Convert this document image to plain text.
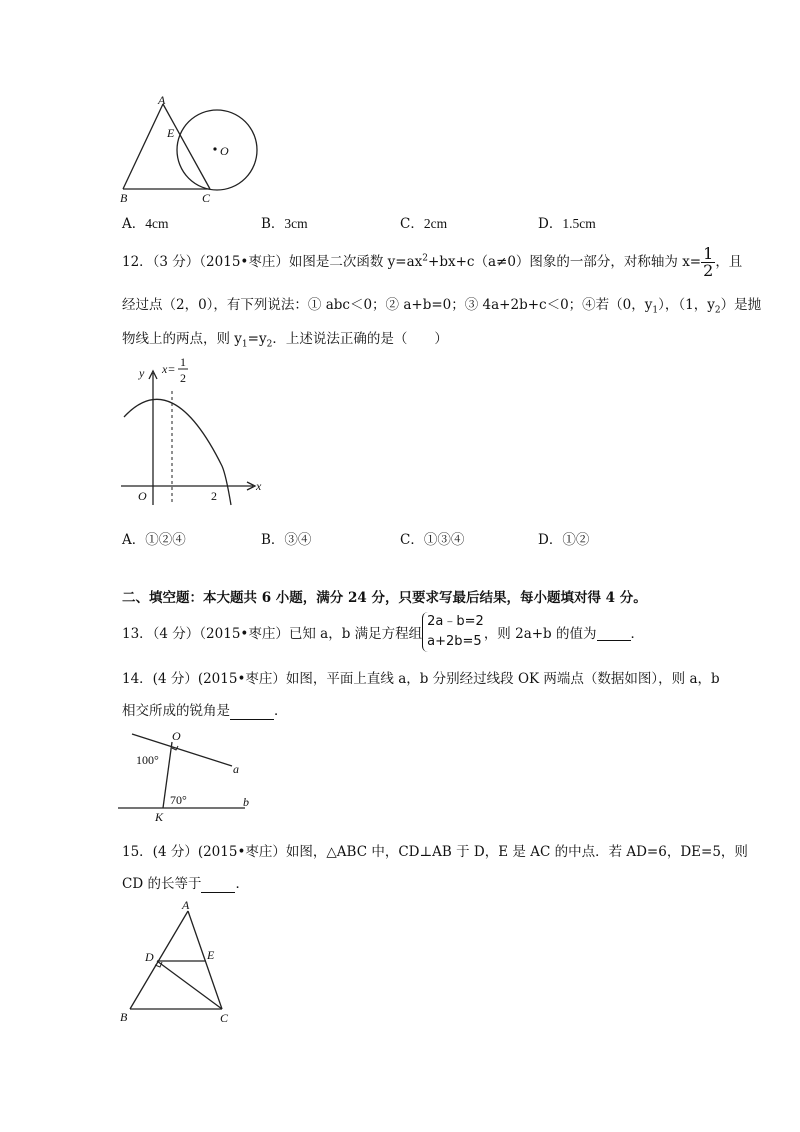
A
E
O
B	C
A．4cm	B．3cm	C．2cm	D．1.5cm
12．（3 分）（2015•枣庄）如图是二次函数 $y=ax^2+bx+c(a\ne 0)$图象的一部分，对称轴为 $x= \frac{1}{2}$ ，且
经过点（2，0），有下列说法：① abc＜0；② a+b=0；③ 4a+2b+c＜0；④若（0，$y_1$），（1，$y_2$）是抛
物线上的两点，则 $y_1=y_2$．上述说法正确的是（　　）
y
x
O	2
x= 1
2
A．①②④	B．③④	C．①③④	D．①②
二、填空题：本大题共 6 小题，满分 24 分，只要求写最后结果，每小题填对得 4 分。
13．（4 分）（2015•枣庄）已知 a，b 满足方程组
2a﹣b=2
a+2b=5 ，则 2a+b 的值为	．
14．(4 分）(2015•枣庄）如图，平面上直线 a，b 分别经过线段 OK 两端点（数据如图），则 a，b
相交所成的锐角是	．
O
100°
a
70°	b
K
15．(4 分）(2015•枣庄）如图，△ABC 中，CD⊥AB 于 D，E 是 AC 的中点．若 AD=6，DE=5，则
CD 的长等于	．
A
D	E
B	C
